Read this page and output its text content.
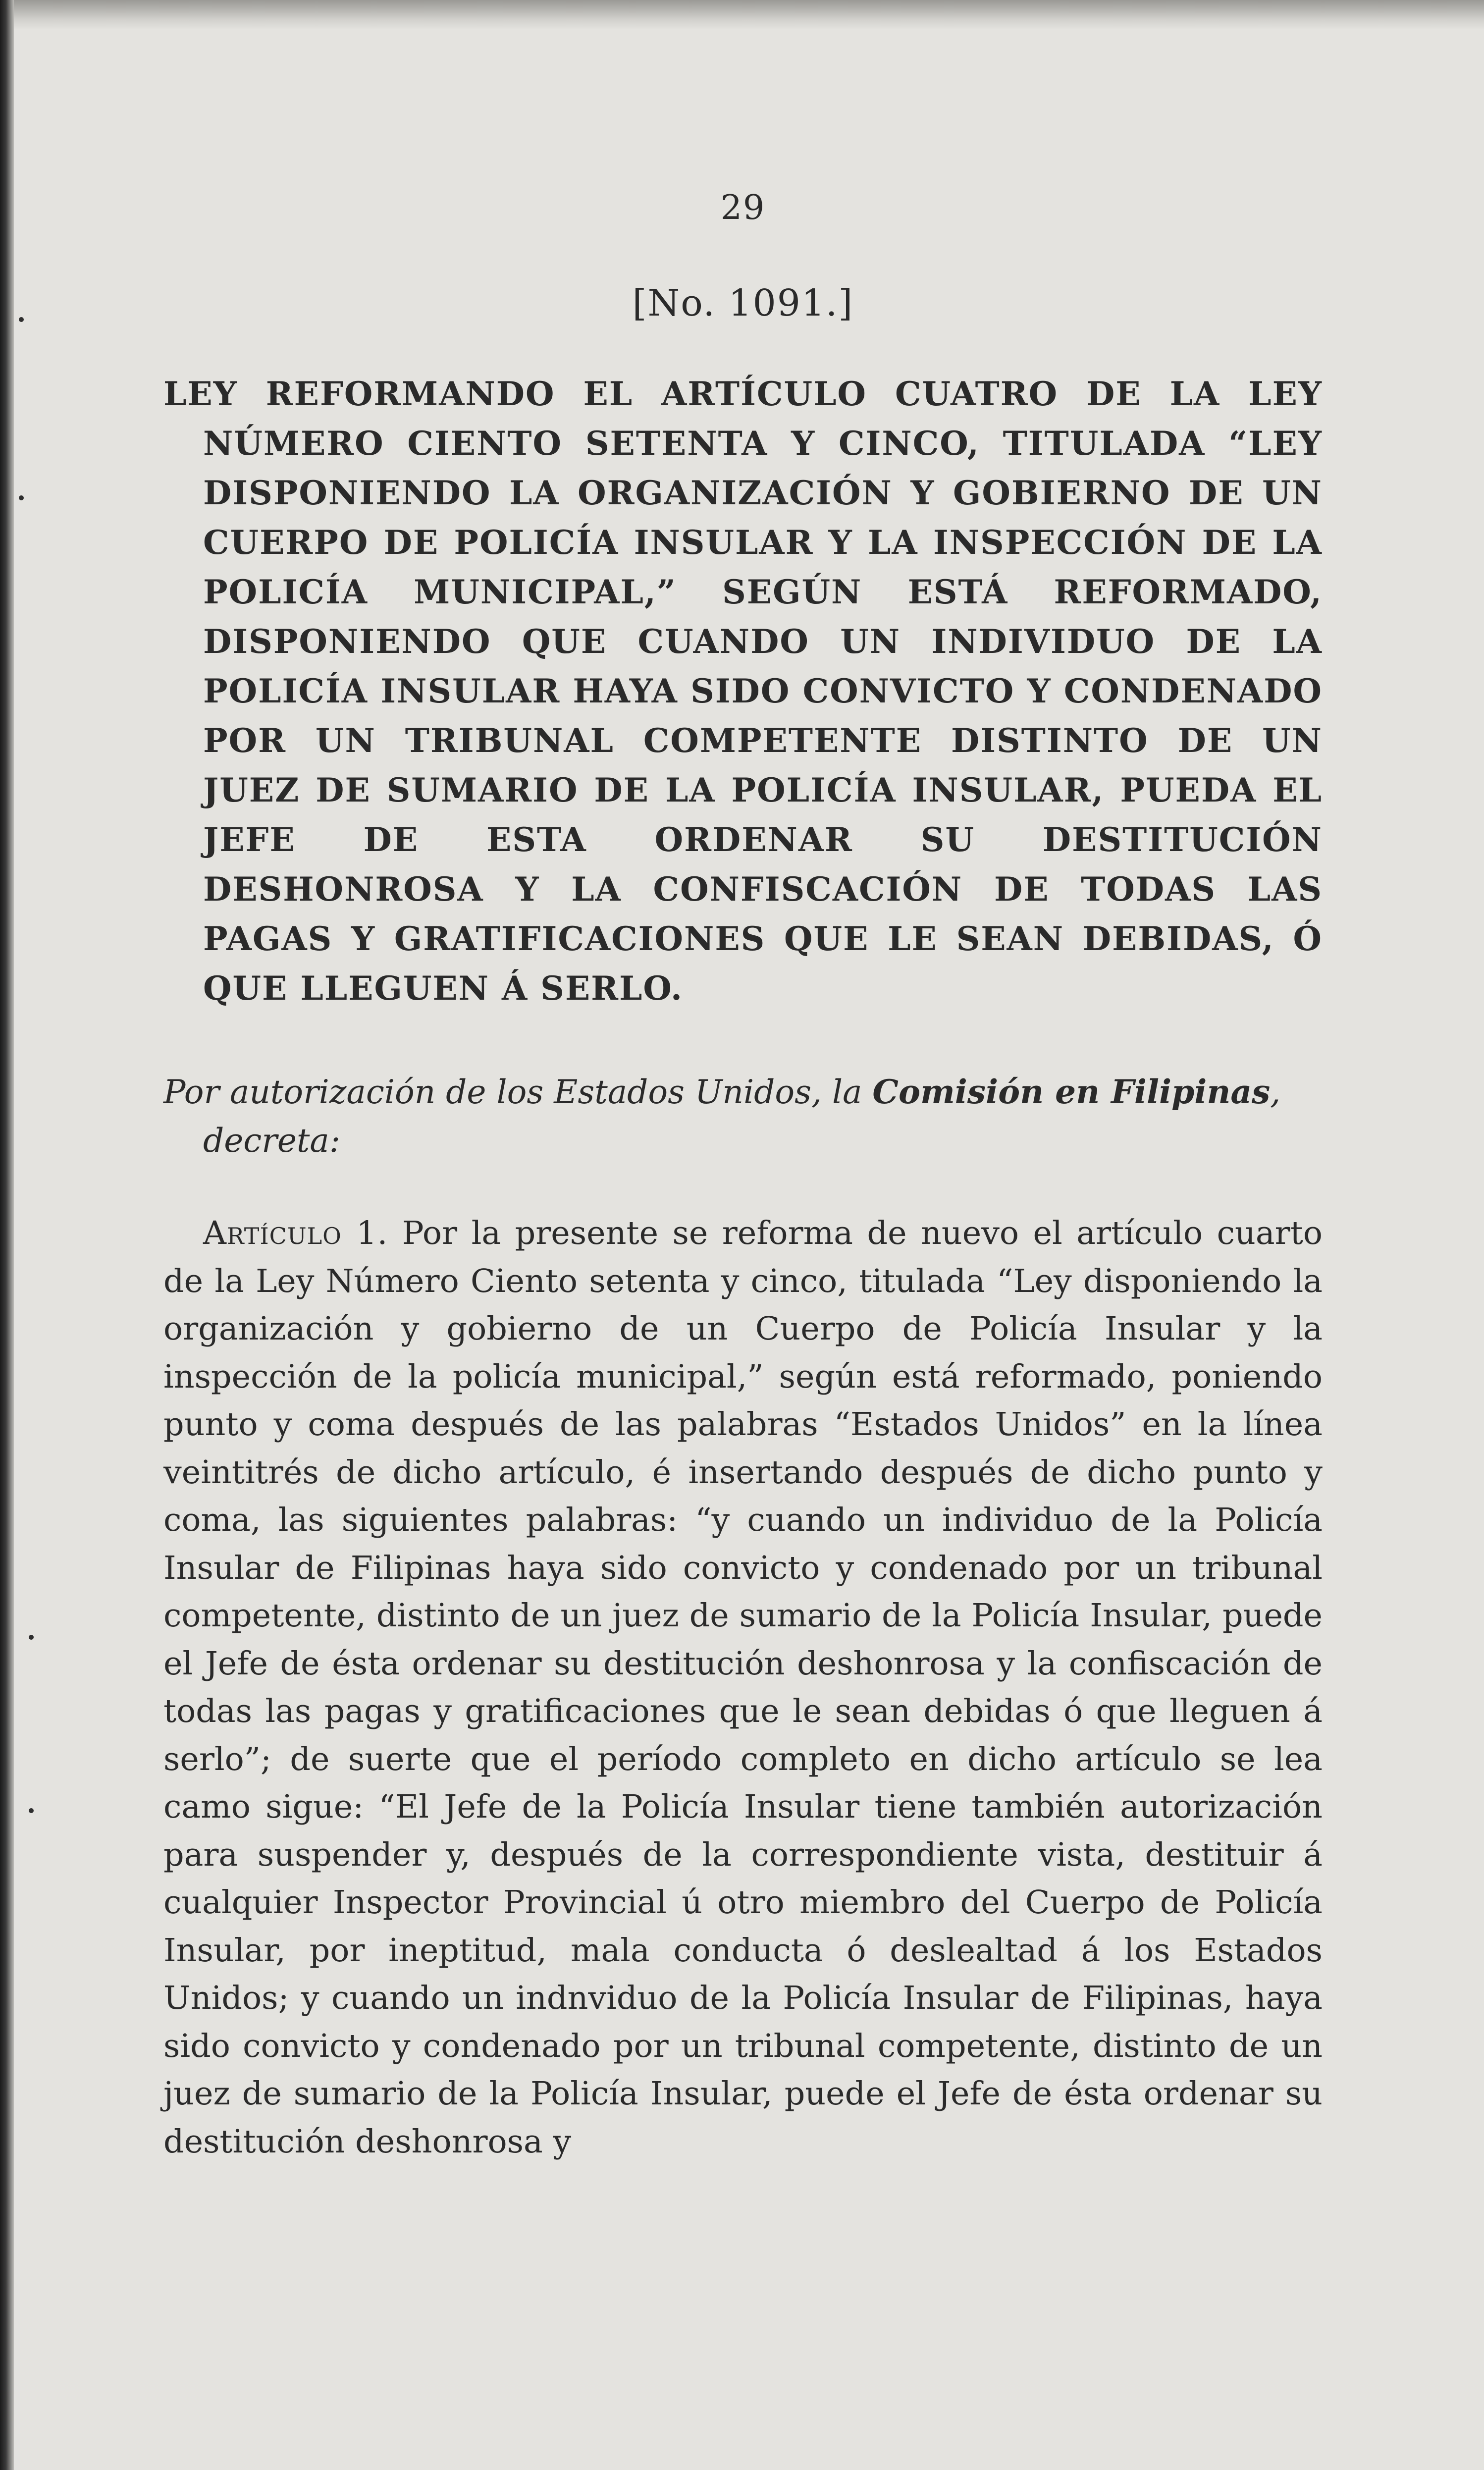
29
[No. 1091.]
LEY REFORMANDO EL ARTÍCULO CUATRO DE LA LEY NÚMERO CIENTO SETENTA Y CINCO, TITULADA “LEY DISPONIENDO LA ORGANIZACIÓN Y GOBIERNO DE UN CUERPO DE POLICÍA INSULAR Y LA INSPECCIÓN DE LA POLICÍA MUNICIPAL,” SEGÚN ESTÁ REFORMADO, DISPONIENDO QUE CUANDO UN INDIVIDUO DE LA POLICÍA INSULAR HAYA SIDO CONVICTO Y CONDENADO POR UN TRIBUNAL COMPETENTE DISTINTO DE UN JUEZ DE SUMARIO DE LA POLICÍA INSULAR, PUEDA EL JEFE DE ESTA ORDENAR SU DESTITUCIÓN DESHONROSA Y LA CONFISCACIÓN DE TODAS LAS PAGAS Y GRATIFICACIONES QUE LE SEAN DEBIDAS, Ó QUE LLEGUEN Á SERLO.
Por autorización de los Estados Unidos, la Comisión en Filipinas, decreta:

Artículo 1. Por la presente se reforma de nuevo el artículo cuarto de la Ley Número Ciento setenta y cinco, titulada “Ley disponiendo la organización y gobierno de un Cuerpo de Policía Insular y la inspección de la policía municipal,” según está reformado, poniendo punto y coma después de las palabras “Estados Unidos” en la línea veintitrés de dicho artículo, é insertando después de dicho punto y coma, las siguientes palabras: “y cuando un individuo de la Policía Insular de Filipinas haya sido convicto y condenado por un tribunal competente, distinto de un juez de sumario de la Policía Insular, puede el Jefe de ésta ordenar su destitución deshonrosa y la confiscación de todas las pagas y gratificaciones que le sean debidas ó que lleguen á serlo”; de suerte que el período completo en dicho artículo se lea camo sigue: “El Jefe de la Policía Insular tiene también autorización para suspender y, después de la correspondiente vista, destituir á cualquier Inspector Provincial ú otro miembro del Cuerpo de Policía Insular, por ineptitud, mala conducta ó deslealtad á los Estados Unidos; y cuando un indnviduo de la Policía Insular de Filipinas, haya sido convicto y condenado por un tribunal competente, distinto de un juez de sumario de la Policía Insular, puede el Jefe de ésta ordenar su destitución deshonrosa y
